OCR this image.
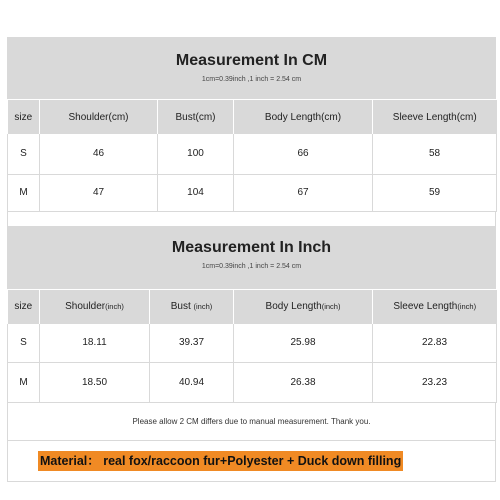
Measurement In CM
1cm=0.39inch ,1 inch = 2.54 cm
size	Shoulder(cm)	Bust(cm)	Body Length(cm)	Sleeve Length(cm)
S	46	100	66	58
M	47	104	67	59
Measurement In Inch
1cm=0.39inch ,1 inch = 2.54 cm
size	Shoulder(inch)	Bust (inch)	Body Length(inch)	Sleeve Length(inch)
S	18.11	39.37	25.98	22.83
M	18.50	40.94	26.38	23.23
Please allow 2 CM differs due to manual measurement. Thank you.
Material： real fox/raccoon fur+Polyester + Duck down filling
